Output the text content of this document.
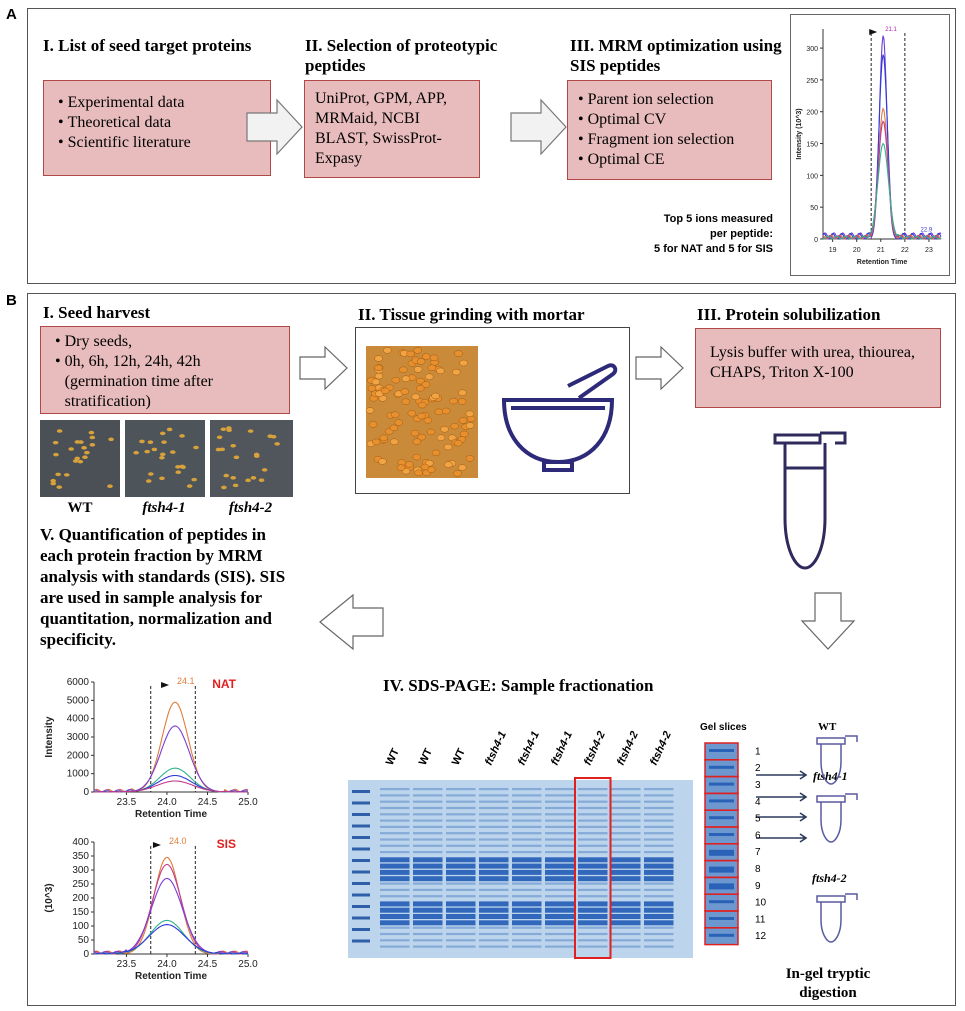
A
I. List of seed target proteins
• Experimental data
• Theoretical data
• Scientific literature
II. Selection of proteotypic peptides
UniProt, GPM, APP, MRMaid, NCBI BLAST, SwissProt-Expasy
III. MRM optimization using SIS peptides
• Parent ion selection
• Optimal CV
• Fragment ion selection
• Optimal CE
Top 5 ions measured
per peptide:
5 for NAT and 5 for SIS
0
50
100
150
200
250
300
19 20 21 22 23
Retention Time
Intensity (10^3)
21.1
22.9
B
I. Seed harvest
• Dry seeds,
• 0h, 6h, 12h, 24h, 42h (germination time after stratification)
WT	ftsh4-1	ftsh4-2
II. Tissue grinding with mortar	III. Protein solubilization
Lysis buffer with urea, thiourea, CHAPS, Triton X-100
V. Quantification of peptides in each protein fraction by MRM analysis with standards (SIS). SIS are used in sample analysis for quantitation, normalization and specificity.
IV. SDS-PAGE: Sample fractionation
0
1000
2000
3000
4000
5000
6000
23.5 24.0 24.5 25.0
Retention Time
Intensity
24.1 NAT
0
50
100
150
200
250
300
350
400
23.5 24.0 24.5 25.0
Retention Time
(10^3)
24.0	SIS
WT WT WT ftsh4-1 ftsh4-1 ftsh4-1 ftsh4-2 ftsh4-2 ftsh4-2
Gel slices
1
2
3
4
5
6
7
8
9
10
11
12
WT
ftsh4-1
ftsh4-2
In-gel tryptic
digestion
